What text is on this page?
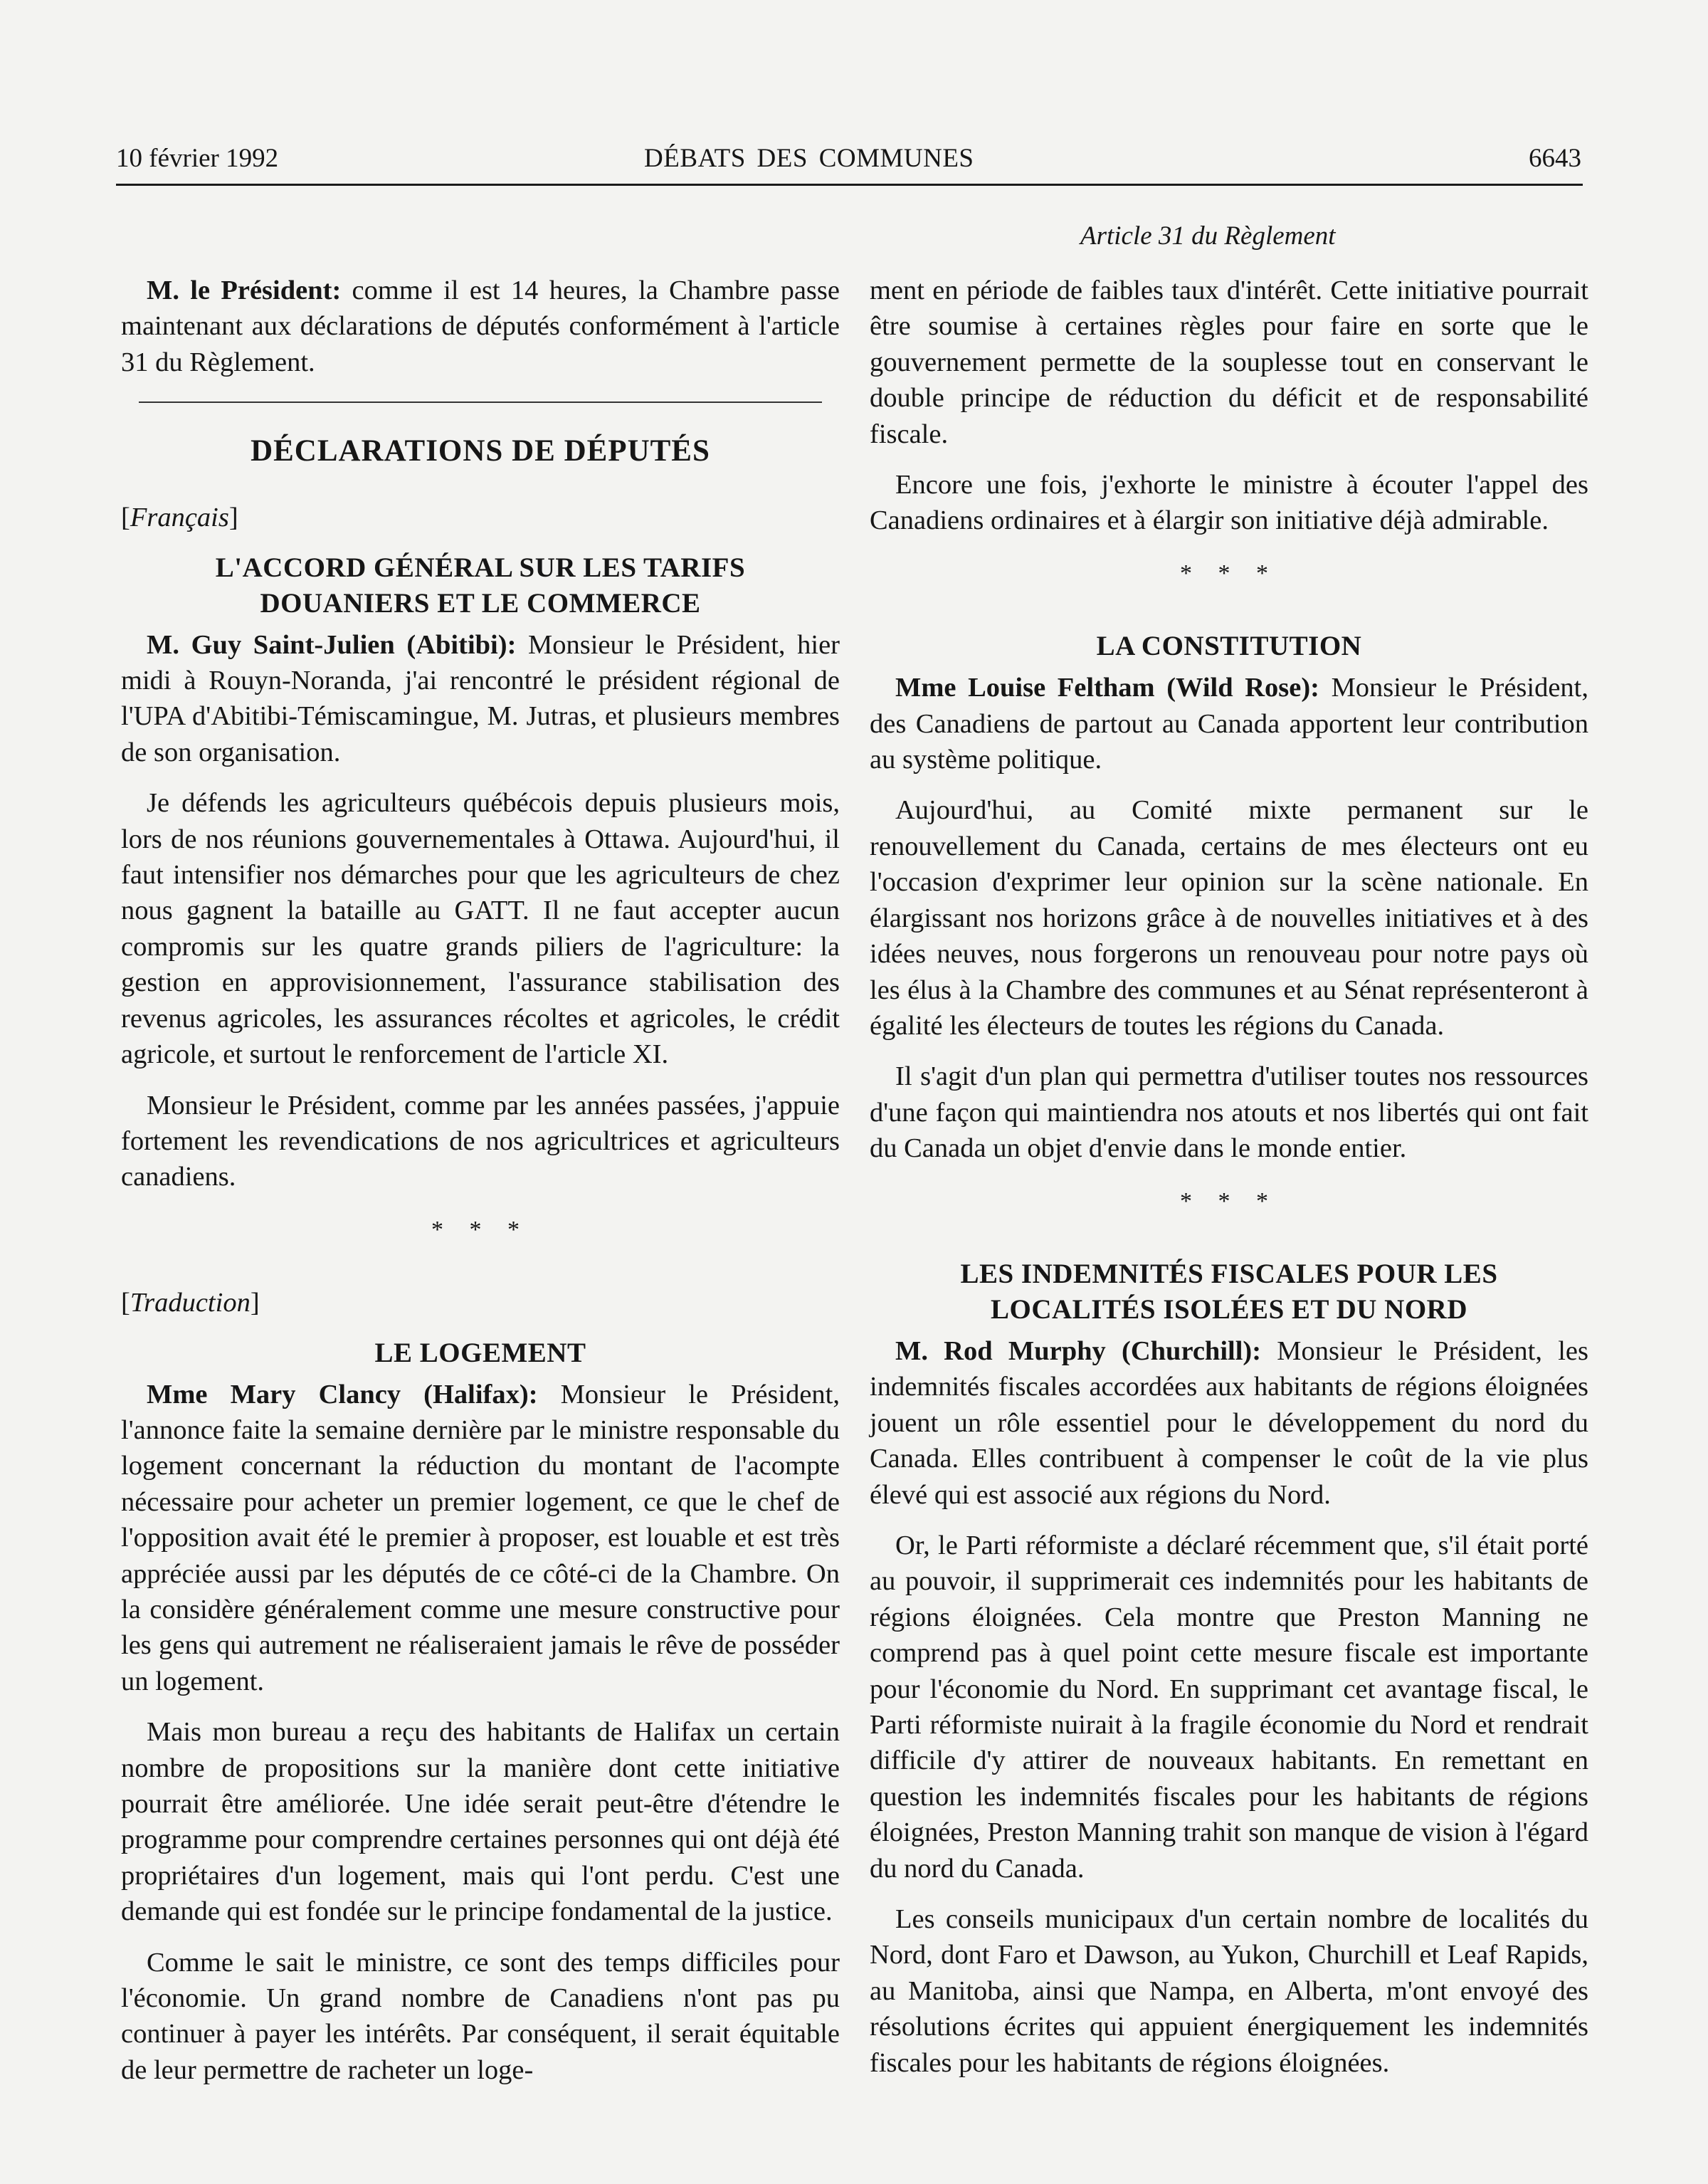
10 février 1992	DÉBATS DES COMMUNES	6643
Article 31 du Règlement

M. le Président: comme il est 14 heures, la Chambre passe maintenant aux déclarations de députés conformément à l'article 31 du Règlement.

DÉCLARATIONS DE DÉPUTÉS
[Français]
L'ACCORD GÉNÉRAL SUR LES TARIFS
DOUANIERS ET LE COMMERCE

M. Guy Saint-Julien (Abitibi): Monsieur le Président, hier midi à Rouyn-Noranda, j'ai rencontré le président régional de l'UPA d'Abitibi-Témiscamingue, M. Jutras, et plusieurs membres de son organisation.

Je défends les agriculteurs québécois depuis plusieurs mois, lors de nos réunions gouvernementales à Ottawa. Aujourd'hui, il faut intensifier nos démarches pour que les agriculteurs de chez nous gagnent la bataille au GATT. Il ne faut accepter aucun compromis sur les quatre grands piliers de l'agriculture: la gestion en approvisionnement, l'assurance stabilisation des revenus agricoles, les assurances récoltes et agricoles, le crédit agricole, et surtout le renforcement de l'article XI.

Monsieur le Président, comme par les années passées, j'appuie fortement les revendications de nos agricultrices et agriculteurs canadiens.

* * *
[Traduction]
LE LOGEMENT

Mme Mary Clancy (Halifax): Monsieur le Président, l'annonce faite la semaine dernière par le ministre responsable du logement concernant la réduction du montant de l'acompte nécessaire pour acheter un premier logement, ce que le chef de l'opposition avait été le premier à proposer, est louable et est très appréciée aussi par les députés de ce côté-ci de la Chambre. On la considère généralement comme une mesure constructive pour les gens qui autrement ne réaliseraient jamais le rêve de posséder un logement.

Mais mon bureau a reçu des habitants de Halifax un certain nombre de propositions sur la manière dont cette initiative pourrait être améliorée. Une idée serait peut-être d'étendre le programme pour comprendre certaines personnes qui ont déjà été propriétaires d'un logement, mais qui l'ont perdu. C'est une demande qui est fondée sur le principe fondamental de la justice.

Comme le sait le ministre, ce sont des temps difficiles pour l'économie. Un grand nombre de Canadiens n'ont pas pu continuer à payer les intérêts. Par conséquent, il serait équitable de leur permettre de racheter un loge-

ment en période de faibles taux d'intérêt. Cette initiative pourrait être soumise à certaines règles pour faire en sorte que le gouvernement permette de la souplesse tout en conservant le double principe de réduction du déficit et de responsabilité fiscale.

Encore une fois, j'exhorte le ministre à écouter l'appel des Canadiens ordinaires et à élargir son initiative déjà admirable.

* * *
LA CONSTITUTION

Mme Louise Feltham (Wild Rose): Monsieur le Président, des Canadiens de partout au Canada apportent leur contribution au système politique.

Aujourd'hui, au Comité mixte permanent sur le renouvellement du Canada, certains de mes électeurs ont eu l'occasion d'exprimer leur opinion sur la scène nationale. En élargissant nos horizons grâce à de nouvelles initiatives et à des idées neuves, nous forgerons un renouveau pour notre pays où les élus à la Chambre des communes et au Sénat représenteront à égalité les électeurs de toutes les régions du Canada.

Il s'agit d'un plan qui permettra d'utiliser toutes nos ressources d'une façon qui maintiendra nos atouts et nos libertés qui ont fait du Canada un objet d'envie dans le monde entier.

* * *
LES INDEMNITÉS FISCALES POUR LES
LOCALITÉS ISOLÉES ET DU NORD

M. Rod Murphy (Churchill): Monsieur le Président, les indemnités fiscales accordées aux habitants de régions éloignées jouent un rôle essentiel pour le développement du nord du Canada. Elles contribuent à compenser le coût de la vie plus élevé qui est associé aux régions du Nord.

Or, le Parti réformiste a déclaré récemment que, s'il était porté au pouvoir, il supprimerait ces indemnités pour les habitants de régions éloignées. Cela montre que Preston Manning ne comprend pas à quel point cette mesure fiscale est importante pour l'économie du Nord. En supprimant cet avantage fiscal, le Parti réformiste nuirait à la fragile économie du Nord et rendrait difficile d'y attirer de nouveaux habitants. En remettant en question les indemnités fiscales pour les habitants de régions éloignées, Preston Manning trahit son manque de vision à l'égard du nord du Canada.

Les conseils municipaux d'un certain nombre de localités du Nord, dont Faro et Dawson, au Yukon, Churchill et Leaf Rapids, au Manitoba, ainsi que Nampa, en Alberta, m'ont envoyé des résolutions écrites qui appuient énergiquement les indemnités fiscales pour les habitants de régions éloignées.
